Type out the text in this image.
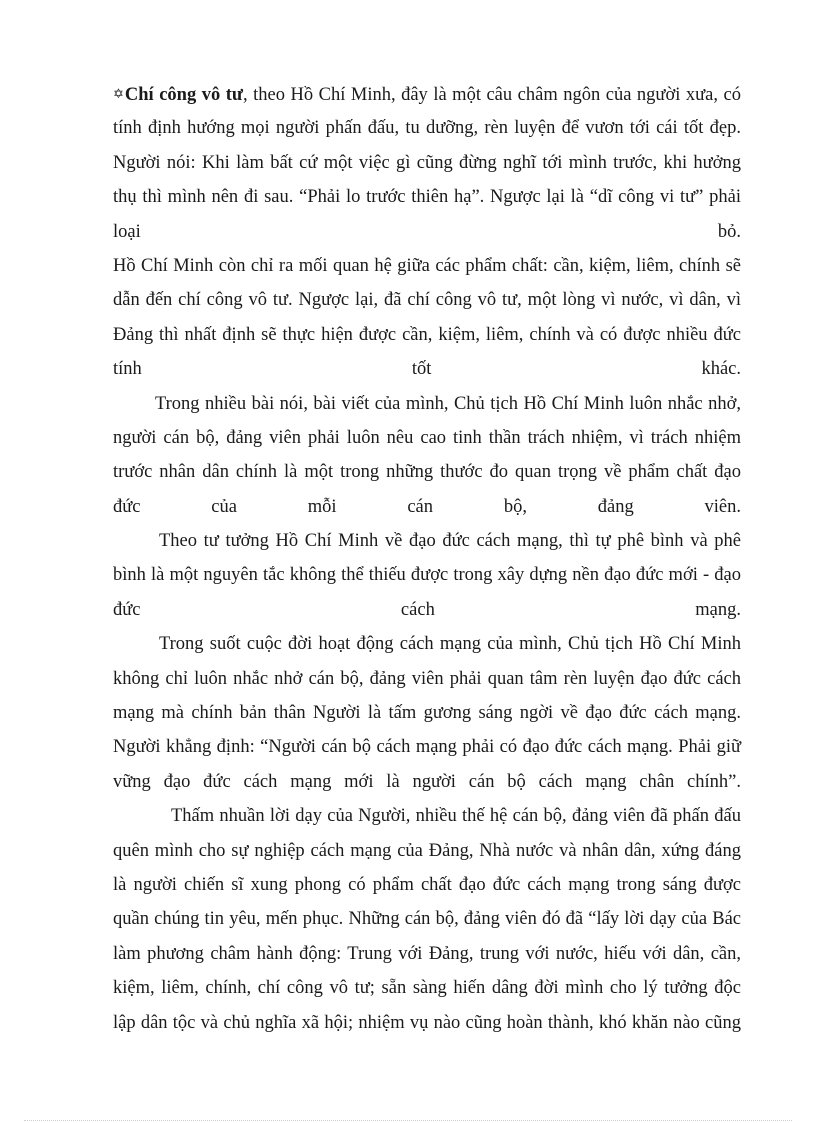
✡Chí công vô tư, theo Hồ Chí Minh, đây là một câu châm ngôn của người xưa, có
tính định hướng mọi người phấn đấu, tu dưỡng, rèn luyện để vươn tới cái tốt đẹp.
Người nói: Khi làm bất cứ một việc gì cũng đừng nghĩ tới mình trước, khi hưởng
thụ thì mình nên đi sau. “Phải lo trước thiên hạ”. Ngược lại là “dĩ công vi tư” phải
loại bỏ.
Hồ Chí Minh còn chỉ ra mối quan hệ giữa các phẩm chất: cần, kiệm, liêm, chính sẽ
dẫn đến chí công vô tư. Ngược lại, đã chí công vô tư, một lòng vì nước, vì dân, vì
Đảng thì nhất định sẽ thực hiện được cần, kiệm, liêm, chính và có được nhiều đức
tính tốt khác.
Trong nhiều bài nói, bài viết của mình, Chủ tịch Hồ Chí Minh luôn nhắc nhở,
người cán bộ, đảng viên phải luôn nêu cao tinh thần trách nhiệm, vì trách nhiệm
trước nhân dân chính là một trong những thước đo quan trọng về phẩm chất đạo
đức của mỗi cán bộ, đảng viên.
Theo tư tưởng Hồ Chí Minh về đạo đức cách mạng, thì tự phê bình và phê
bình là một nguyên tắc không thể thiếu được trong xây dựng nền đạo đức mới - đạo
đức cách mạng.
Trong suốt cuộc đời hoạt động cách mạng của mình, Chủ tịch Hồ Chí Minh
không chỉ luôn nhắc nhở cán bộ, đảng viên phải quan tâm rèn luyện đạo đức cách
mạng mà chính bản thân Người là tấm gương sáng ngời về đạo đức cách mạng.
Người khẳng định: “Người cán bộ cách mạng phải có đạo đức cách mạng. Phải giữ
vững đạo đức cách mạng mới là người cán bộ cách mạng chân chính”.
Thấm nhuần lời dạy của Người, nhiều thế hệ cán bộ, đảng viên đã phấn đấu
quên mình cho sự nghiệp cách mạng của Đảng, Nhà nước và nhân dân, xứng đáng
là người chiến sĩ xung phong có phẩm chất đạo đức cách mạng trong sáng được
quần chúng tin yêu, mến phục. Những cán bộ, đảng viên đó đã “lấy lời dạy của Bác
làm phương châm hành động: Trung với Đảng, trung với nước, hiếu với dân, cần,
kiệm, liêm, chính, chí công vô tư; sẵn sàng hiến dâng đời mình cho lý tưởng độc
lập dân tộc và chủ nghĩa xã hội; nhiệm vụ nào cũng hoàn thành, khó khăn nào cũng
